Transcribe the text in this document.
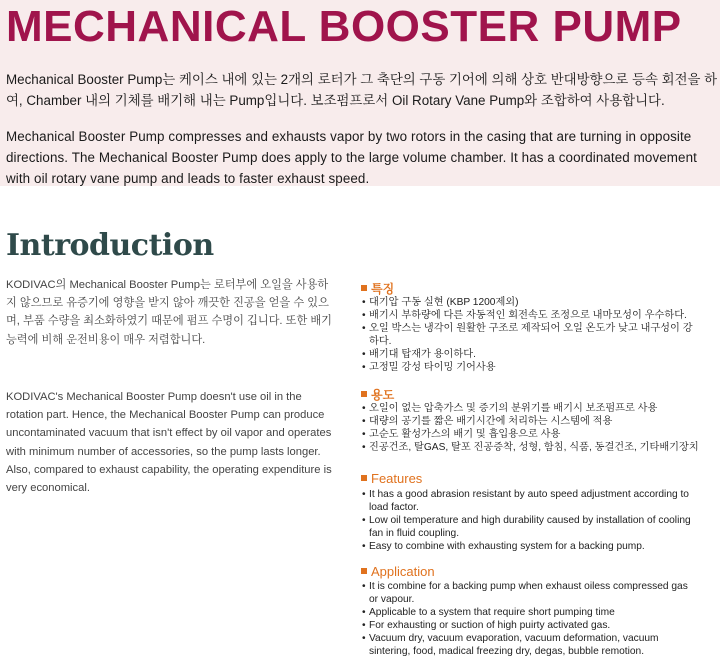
MECHANICAL BOOSTER PUMP

Mechanical Booster Pump는 케이스 내에 있는 2개의 로터가 그 축단의 구동 기어에 의해 상호 반대방향으로 등속 회전을 하여, Chamber 내의 기체를 배기해 내는 Pump입니다. 보조펌프로서 Oil Rotary Vane Pump와 조합하여 사용합니다.

Mechanical Booster Pump compresses and exhausts vapor by two rotors in the casing that are turning in opposite directions. The Mechanical Booster Pump does apply to the large volume chamber. It has a coordinated movement with oil rotary vane pump and leads to faster exhaust speed.

Introduction

KODIVAC의 Mechanical Booster Pump는 로터부에 오일을 사용하지 않으므로 유증기에 영향을 받지 않아 깨끗한 진공을 얻을 수 있으며, 부품 수량을 최소화하였기 때문에 펌프 수명이 깁니다. 또한 배기능력에 비해 운전비용이 매우 저렴합니다.

KODIVAC's Mechanical Booster Pump doesn't use oil in the rotation part. Hence, the Mechanical Booster Pump can produce uncontaminated vacuum that isn't effect by oil vapor and operates with minimum number of accessories, so the pump lasts longer. Also, compared to exhaust capability, the operating expenditure is very economical.

특징
• 대기압 구동 실현 (KBP 1200제외)
• 배기시 부하량에 다른 자동적인 회전속도 조정으로 내마모성이 우수하다.
• 오일 박스는 냉각이 원활한 구조로 제작되어 오일 온도가 낮고 내구성이 강하다.
• 배기대 탑재가 용이하다.
• 고정밀 강성 타이밍 기어사용
용도
• 오일이 없는 압축가스 및 증기의 분위기를 배기시 보조펌프로 사용
• 대량의 공기를 짧은 배기시간에 처리하는 시스템에 적용
• 고순도 활성가스의 배기 및 흡입용으로 사용
• 진공건조, 탈GAS, 탈포 진공증착, 성형, 함침, 식품, 동결건조, 기타배기장치
Features
• It has a good abrasion resistant by auto speed adjustment according to load factor.
• Low oil temperature and high durability caused by installation of cooling fan in fluid coupling.
• Easy to combine with exhausting system for a backing pump.
Application
• It is combine for a backing pump when exhaust oiless compressed gas or vapour.
• Applicable to a system that require short pumping time
• For exhausting or suction of high puirty activated gas.
• Vacuum dry, vacuum evaporation, vacuum deformation, vacuum sintering, food, madical freezing dry, degas, bubble remotion.
